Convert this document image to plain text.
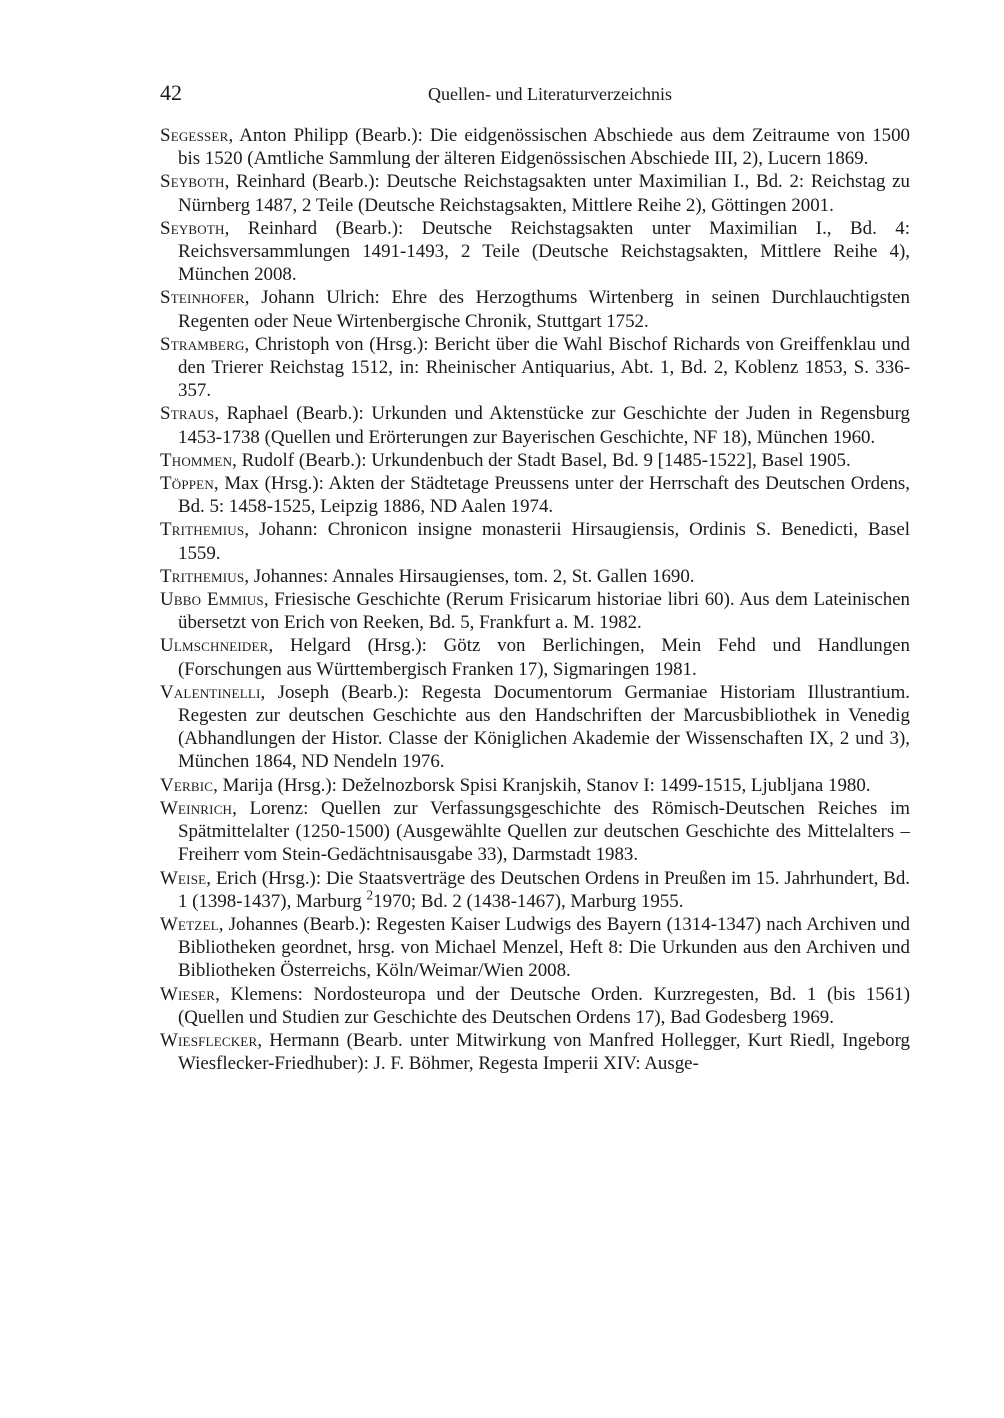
42	Quellen- und Literaturverzeichnis

Segesser, Anton Philipp (Bearb.): Die eidgenössischen Abschiede aus dem Zeitraume von 1500 bis 1520 (Amtliche Sammlung der älteren Eidgenössischen Abschiede III, 2), Lucern 1869.

Seyboth, Reinhard (Bearb.): Deutsche Reichstagsakten unter Maximilian I., Bd. 2: Reichstag zu Nürnberg 1487, 2 Teile (Deutsche Reichstagsakten, Mittlere Reihe 2), Göttingen 2001.

Seyboth, Reinhard (Bearb.): Deutsche Reichstagsakten unter Maximilian I., Bd. 4: Reichsversammlungen 1491-1493, 2 Teile (Deutsche Reichstagsakten, Mittlere Reihe 4), München 2008.

Steinhofer, Johann Ulrich: Ehre des Herzogthums Wirtenberg in seinen Durchlauchtigsten Regenten oder Neue Wirtenbergische Chronik, Stuttgart 1752.

Stramberg, Christoph von (Hrsg.): Bericht über die Wahl Bischof Richards von Greiffenklau und den Trierer Reichstag 1512, in: Rheinischer Antiquarius, Abt. 1, Bd. 2, Koblenz 1853, S. 336-357.

Straus, Raphael (Bearb.): Urkunden und Aktenstücke zur Geschichte der Juden in Regensburg 1453-1738 (Quellen und Erörterungen zur Bayerischen Geschichte, NF 18), München 1960.

Thommen, Rudolf (Bearb.): Urkundenbuch der Stadt Basel, Bd. 9 [1485-1522], Basel 1905.

Töppen, Max (Hrsg.): Akten der Städtetage Preussens unter der Herrschaft des Deutschen Ordens, Bd. 5: 1458-1525, Leipzig 1886, ND Aalen 1974.

Trithemius, Johann: Chronicon insigne monasterii Hirsaugiensis, Ordinis S. Benedicti, Basel 1559.

Trithemius, Johannes: Annales Hirsaugienses, tom. 2, St. Gallen 1690.

Ubbo Emmius, Friesische Geschichte (Rerum Frisicarum historiae libri 60). Aus dem Lateinischen übersetzt von Erich von Reeken, Bd. 5, Frankfurt a. M. 1982.

Ulmschneider, Helgard (Hrsg.): Götz von Berlichingen, Mein Fehd und Handlungen (Forschungen aus Württembergisch Franken 17), Sigmaringen 1981.

Valentinelli, Joseph (Bearb.): Regesta Documentorum Germaniae Historiam Illustrantium. Regesten zur deutschen Geschichte aus den Handschriften der Marcusbibliothek in Venedig (Abhandlungen der Histor. Classe der Königlichen Akademie der Wissenschaften IX, 2 und 3), München 1864, ND Nendeln 1976.

Verbic, Marija (Hrsg.): Deželnozborsk Spisi Kranjskih, Stanov I: 1499-1515, Ljubljana 1980.

Weinrich, Lorenz: Quellen zur Verfassungsgeschichte des Römisch-Deutschen Reiches im Spätmittelalter (1250-1500) (Ausgewählte Quellen zur deutschen Geschichte des Mittelalters – Freiherr vom Stein-Gedächtnisausgabe 33), Darmstadt 1983.

Weise, Erich (Hrsg.): Die Staatsverträge des Deutschen Ordens in Preußen im 15. Jahrhundert, Bd. 1 (1398-1437), Marburg $^2$1970; Bd. 2 (1438-1467), Marburg 1955.

Wetzel, Johannes (Bearb.): Regesten Kaiser Ludwigs des Bayern (1314-1347) nach Archiven und Bibliotheken geordnet, hrsg. von Michael Menzel, Heft 8: Die Urkunden aus den Archiven und Bibliotheken Österreichs, Köln/Weimar/Wien 2008.

Wieser, Klemens: Nordosteuropa und der Deutsche Orden. Kurzregesten, Bd. 1 (bis 1561) (Quellen und Studien zur Geschichte des Deutschen Ordens 17), Bad Godesberg 1969.

Wiesflecker, Hermann (Bearb. unter Mitwirkung von Manfred Hollegger, Kurt Riedl, Ingeborg Wiesflecker-Friedhuber): J. F. Böhmer, Regesta Imperii XIV: Ausge-
